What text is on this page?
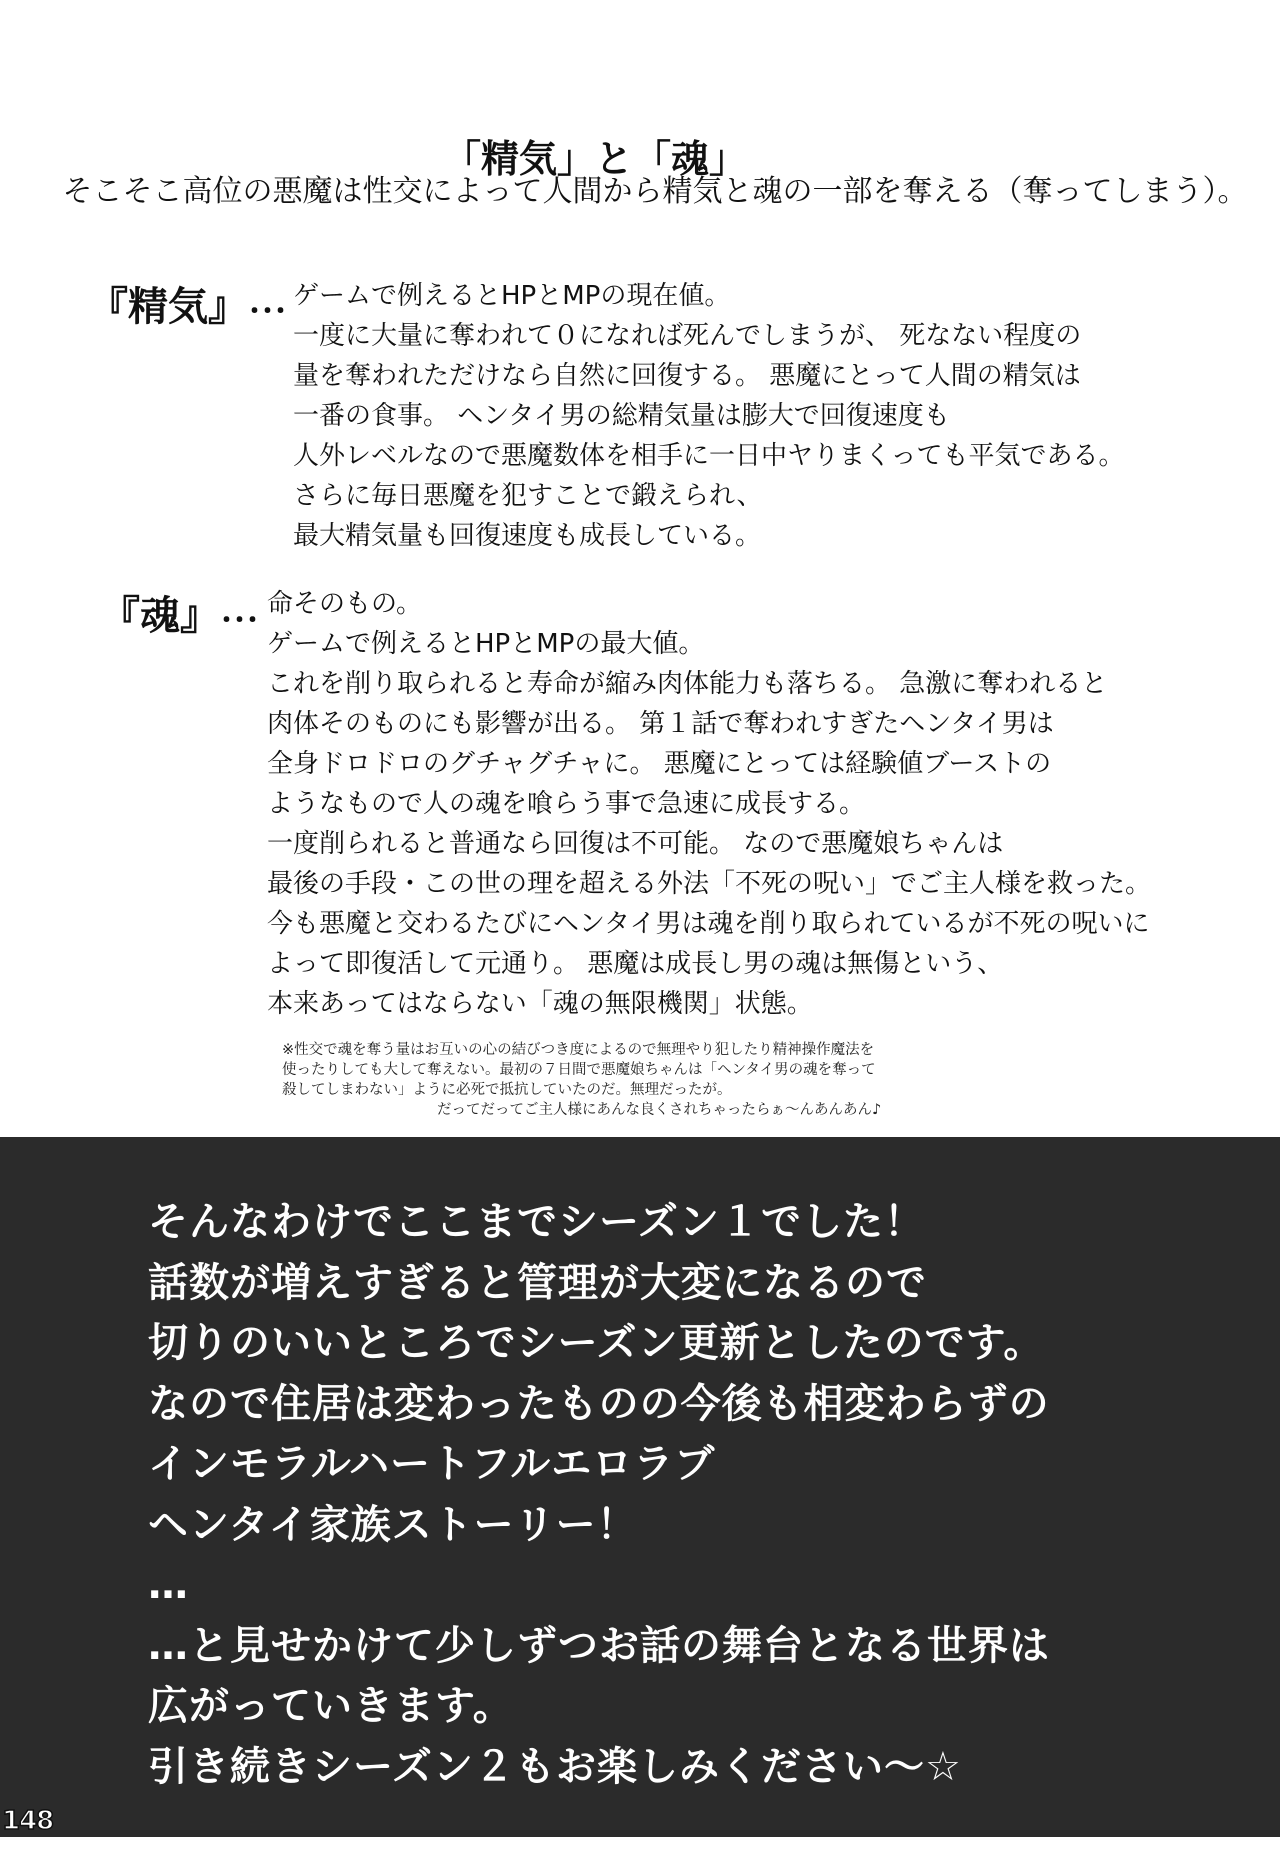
「精気」と「魂」
そこそこ高位の悪魔は性交によって人間から精気と魂の一部を奪える（奪ってしまう）。
『精気』･･･
ゲームで例えるとHPとMPの現在値。
一度に大量に奪われて０になれば死んでしまうが、 死なない程度の
量を奪われただけなら自然に回復する。 悪魔にとって人間の精気は
一番の食事。 ヘンタイ男の総精気量は膨大で回復速度も
人外レベルなので悪魔数体を相手に一日中ヤりまくっても平気である。
さらに毎日悪魔を犯すことで鍛えられ、
最大精気量も回復速度も成長している。
『魂』･･･
命そのもの。
ゲームで例えるとHPとMPの最大値。
これを削り取られると寿命が縮み肉体能力も落ちる。 急激に奪われると
肉体そのものにも影響が出る。 第１話で奪われすぎたヘンタイ男は
全身ドロドロのグチャグチャに。 悪魔にとっては経験値ブーストの
ようなもので人の魂を喰らう事で急速に成長する。
一度削られると普通なら回復は不可能。 なので悪魔娘ちゃんは
最後の手段・この世の理を超える外法「不死の呪い」でご主人様を救った。
今も悪魔と交わるたびにヘンタイ男は魂を削り取られているが不死の呪いに
よって即復活して元通り。 悪魔は成長し男の魂は無傷という、
本来あってはならない「魂の無限機関」状態。
※性交で魂を奪う量はお互いの心の結びつき度によるので無理やり犯したり精神操作魔法を
使ったりしても大して奪えない。最初の７日間で悪魔娘ちゃんは「ヘンタイ男の魂を奪って
殺してしまわない」ように必死で抵抗していたのだ。無理だったが。
だってだってご主人様にあんな良くされちゃったらぁ～んあんあん♪
そんなわけでここまでシーズン１でした！
話数が増えすぎると管理が大変になるので
切りのいいところでシーズン更新としたのです。
なので住居は変わったものの今後も相変わらずの
インモラルハートフルエロラブ
ヘンタイ家族ストーリー！
…
…と見せかけて少しずつお話の舞台となる世界は
広がっていきます。
引き続きシーズン２もお楽しみください～☆
148
